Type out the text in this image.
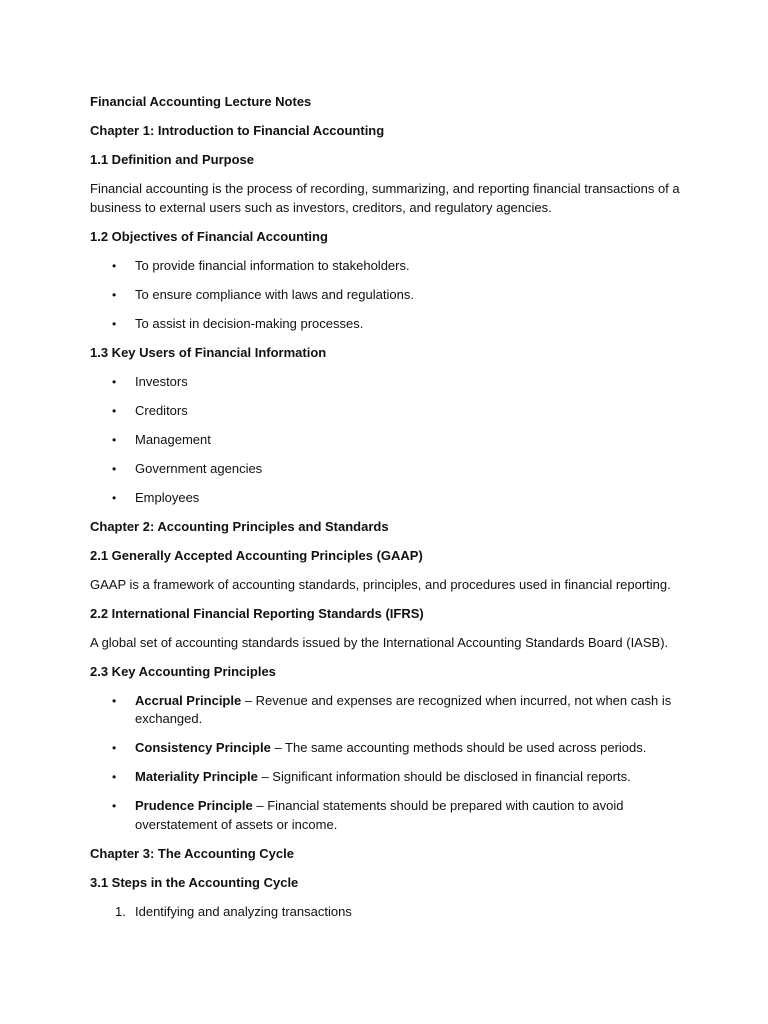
Financial Accounting Lecture Notes

Chapter 1: Introduction to Financial Accounting

1.1 Definition and Purpose

Financial accounting is the process of recording, summarizing, and reporting financial transactions of a business to external users such as investors, creditors, and regulatory agencies.

1.2 Objectives of Financial Accounting

• To provide financial information to stakeholders.
• To ensure compliance with laws and regulations.
• To assist in decision-making processes.

1.3 Key Users of Financial Information

• Investors
• Creditors
• Management
• Government agencies
• Employees

Chapter 2: Accounting Principles and Standards

2.1 Generally Accepted Accounting Principles (GAAP)

GAAP is a framework of accounting standards, principles, and procedures used in financial reporting.

2.2 International Financial Reporting Standards (IFRS)

A global set of accounting standards issued by the International Accounting Standards Board (IASB).

2.3 Key Accounting Principles

• Accrual Principle – Revenue and expenses are recognized when incurred, not when cash is exchanged.
• Consistency Principle – The same accounting methods should be used across periods.
• Materiality Principle – Significant information should be disclosed in financial reports.
• Prudence Principle – Financial statements should be prepared with caution to avoid overstatement of assets or income.

Chapter 3: The Accounting Cycle

3.1 Steps in the Accounting Cycle

1. Identifying and analyzing transactions
